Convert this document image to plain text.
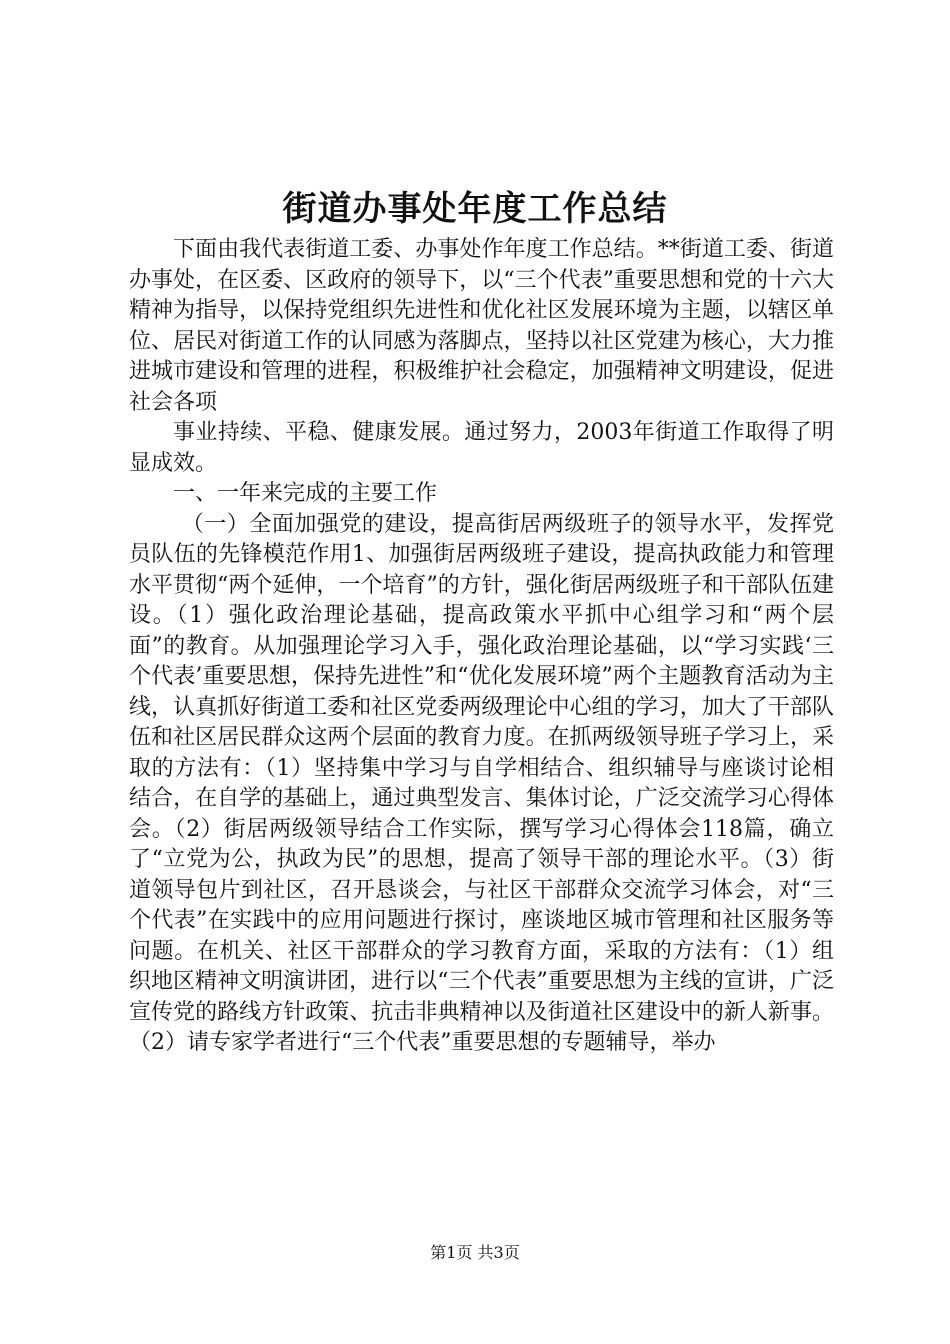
街道办事处年度工作总结

下面由我代表街道工委、办事处作年度工作总结。**街道工委、街道办事处，在区委、区政府的领导下，以“三个代表”重要思想和党的十六大精神为指导，以保持党组织先进性和优化社区发展环境为主题，以辖区单位、居民对街道工作的认同感为落脚点，坚持以社区党建为核心，大力推进城市建设和管理的进程，积极维护社会稳定，加强精神文明建设，促进社会各项

事业持续、平稳、健康发展。通过努力，2003年街道工作取得了明显成效。

一、一年来完成的主要工作

（一）全面加强党的建设，提高街居两级班子的领导水平，发挥党员队伍的先锋模范作用1、加强街居两级班子建设，提高执政能力和管理水平贯彻“两个延伸，一个培育”的方针，强化街居两级班子和干部队伍建设。（1）强化政治理论基础，提高政策水平抓中心组学习和“两个层面”的教育。从加强理论学习入手，强化政治理论基础，以“学习实践‘三个代表’重要思想，保持先进性”和“优化发展环境”两个主题教育活动为主线，认真抓好街道工委和社区党委两级理论中心组的学习，加大了干部队伍和社区居民群众这两个层面的教育力度。在抓两级领导班子学习上，采取的方法有：（1）坚持集中学习与自学相结合、组织辅导与座谈讨论相结合，在自学的基础上，通过典型发言、集体讨论，广泛交流学习心得体会。（2）街居两级领导结合工作实际，撰写学习心得体会118篇，确立了“立党为公，执政为民”的思想，提高了领导干部的理论水平。（3）街道领导包片到社区，召开恳谈会，与社区干部群众交流学习体会，对“三个代表”在实践中的应用问题进行探讨，座谈地区城市管理和社区服务等问题。在机关、社区干部群众的学习教育方面，采取的方法有：（1）组织地区精神文明演讲团，进行以“三个代表”重要思想为主线的宣讲，广泛宣传党的路线方针政策、抗击非典精神以及街道社区建设中的新人新事。（2）请专家学者进行“三个代表”重要思想的专题辅导，举办

第1页 共3页
